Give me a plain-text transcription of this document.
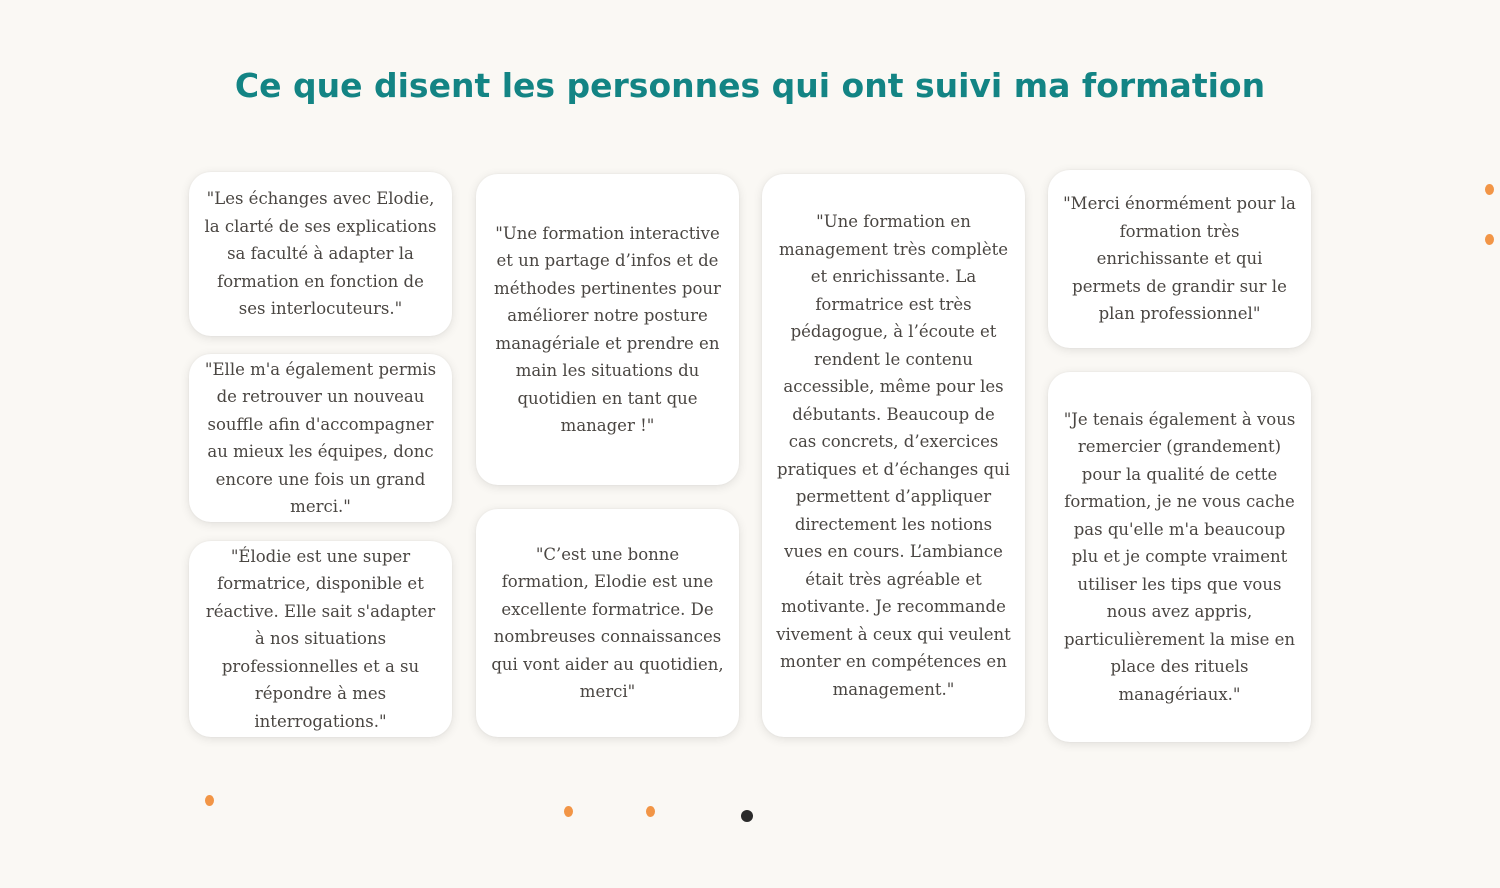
Ce que disent les personnes qui ont suivi ma formation

"Les échanges avec Elodie, la clarté de ses explications sa faculté à adapter la formation en fonction de ses interlocuteurs."

"Elle m'a également permis de retrouver un nouveau souffle afin d'accompagner au mieux les équipes, donc encore une fois un grand merci."

"Élodie est une super formatrice, disponible et réactive. Elle sait s'adapter à nos situations professionnelles et a su répondre à mes interrogations."

"Une formation interactive et un partage d’infos et de méthodes pertinentes pour améliorer notre posture managériale et prendre en main les situations du quotidien en tant que manager !"

"C’est une bonne formation, Elodie est une excellente formatrice. De nombreuses connaissances qui vont aider au quotidien, merci"

"Une formation en management très complète et enrichissante. La formatrice est très pédagogue, à l’écoute et rendent le contenu accessible, même pour les débutants. Beaucoup de cas concrets, d’exercices pratiques et d’échanges qui permettent d’appliquer directement les notions vues en cours. L’ambiance était très agréable et motivante. Je recommande vivement à ceux qui veulent monter en compétences en management."

"Merci énormément pour la formation très enrichissante et qui permets de grandir sur le plan professionnel"

"Je tenais également à vous remercier (grandement) pour la qualité de cette formation, je ne vous cache pas qu'elle m'a beaucoup plu et je compte vraiment utiliser les tips que vous nous avez appris, particulièrement la mise en place des rituels managériaux."
